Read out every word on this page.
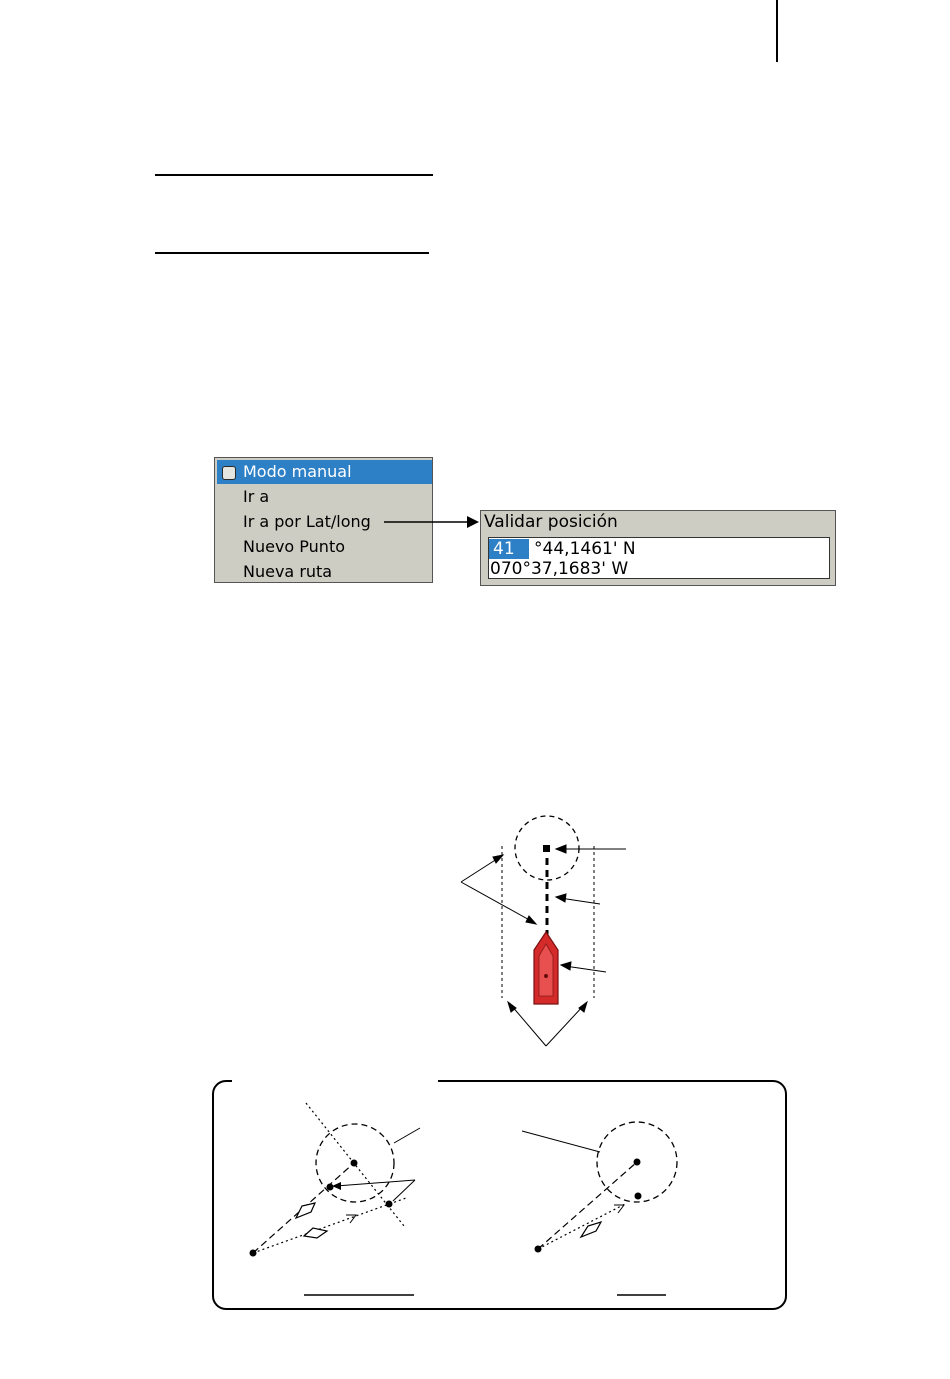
Modo manual
Ir a
Ir a por Lat/long
Nuevo Punto
Nueva ruta
Validar posición
41 °44,1461' N
070°37,1683' W
